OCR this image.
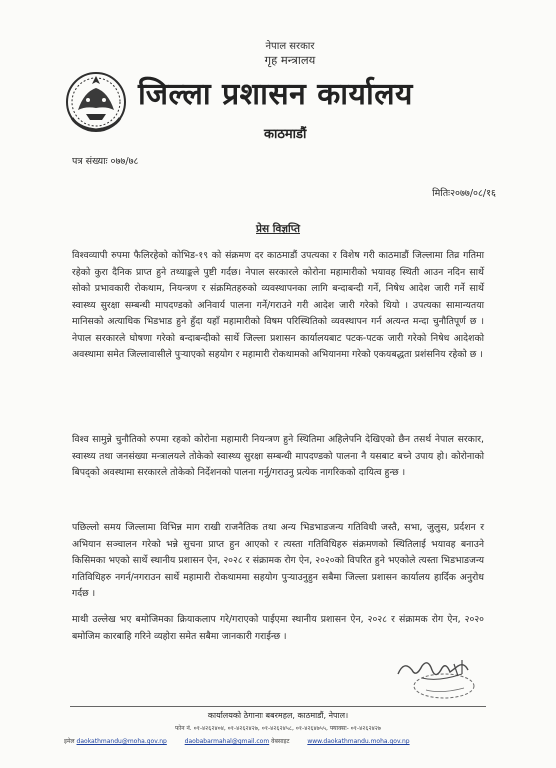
नेपाल सरकार
गृह मन्त्रालय
जिल्ला प्रशासन कार्यालय
काठमाडौं
पत्र संख्याः ०७७/७८
मितिः२०७७/०८/१६
प्रेस विज्ञप्ति
विश्वव्यापी रुपमा फैलिरहेको कोभिड-१९ को संक्रमण दर काठमाडौं उपत्यका र विशेष गरी काठमाडौं जिल्लामा तिव्र गतिमा रहेको कुरा दैनिक प्राप्त हुने तथ्याङ्कले पुष्टी गर्दछ। नेपाल सरकारले कोरोना महामारीको भयावह स्थिती आउन नदिन सार्थे सोको प्रभावकारी रोकथाम, नियन्त्रण र संक्रमितहरुको व्यवस्थापनका लागि बन्दाबन्दी गर्ने, निषेध आदेश जारी गर्ने सार्थे स्वास्थ्य सुरक्षा सम्बन्धी मापदण्डको अनिवार्य पालना गर्ने/गराउने गरी आदेश जारी गरेको थियो । उपत्यका सामान्यतया मानिसको अत्याधिक भिडभाड हुने हुँदा यहाँ महामारीको विषम परिस्थितिको व्यवस्थापन गर्न अत्यन्त मन्दा चुनौतिपूर्ण छ । नेपाल सरकारले घोषणा गरेको बन्दाबन्दीको सार्थे जिल्ला प्रशासन कार्यालयबाट पटक-पटक जारी गरेको निषेध आदेशको अवस्थामा समेत जिल्लावासीले पुर्‍याएको सहयोग र महामारी रोकथामको अभियानमा गरेको एकयबद्धता प्रशंसनिय रहेको छ ।
विश्व सामुन्ने चुनौतिको रुपमा रहको कोरोना महामारी नियन्त्रण हुने स्थितिमा अहिलेपनि देखिएको छैन तसर्थ नेपाल सरकार, स्वास्थ्य तथा जनसंख्या मन्त्रालयले तोकेको स्वास्थ्य सुरक्षा सम्बन्धी मापदण्डको पालना नै यसबाट बच्ने उपाय हो। कोरोनाको बिपद्को अवस्थामा सरकारले तोकेको निर्देशनको पालना गर्नु/गराउनु प्रत्येक नागरिकको दायित्व हुन्छ ।
पछिल्लो समय जिल्लामा विभिन्न माग राखी राजनैतिक तथा अन्य भिडभाडजन्य गतिविधी जस्तै, सभा, जुलुस, प्रर्दशन र अभियान सञ्चालन गरेको भन्ने सुचना प्राप्त हुन आएको र त्यस्ता गतिविधिहरु संक्रमणको स्थितिलाई भयावह बनाउने किसिमका भएको सार्थे स्थानीय प्रशासन ऐन, २०२८ र संक्रामक रोग ऐन, २०२०को विपरित हुने भएकोले त्यस्ता भिडभाडजन्य गतिविधिहरु नगर्न/नगराउन सार्थे महामारी रोकथाममा सहयोग पुऱ्याउनुहुन सबैमा जिल्ला प्रशासन कार्यालय हार्दिक अनुरोध गर्दछ ।
माथी उल्लेख भए बमोजिमका क्रियाकलाप गरे/गराएको पाईएमा स्थानीय प्रशासन ऐन, २०२८ र संक्रामक रोग ऐन, २०२० बमोजिम कारबाहि गरिने व्यहोरा समेत सबैमा जानकारी गराईन्छ ।
कार्यालयको ठेगानाः बबरमहल, काठमाडौं, नेपाल।
फोन नं. ०१-४२६२४०४, ०१-४२६२४२७, ०१-४२६२४५८, ०१-४२६४७५५, फ्याक्सः- ०१-४२६२४२७
इमेल daokathmandu@moha.gov.np	daobabarmahal@gmail.com वेबसाइट	www.daokathmandu.moha.gov.np
